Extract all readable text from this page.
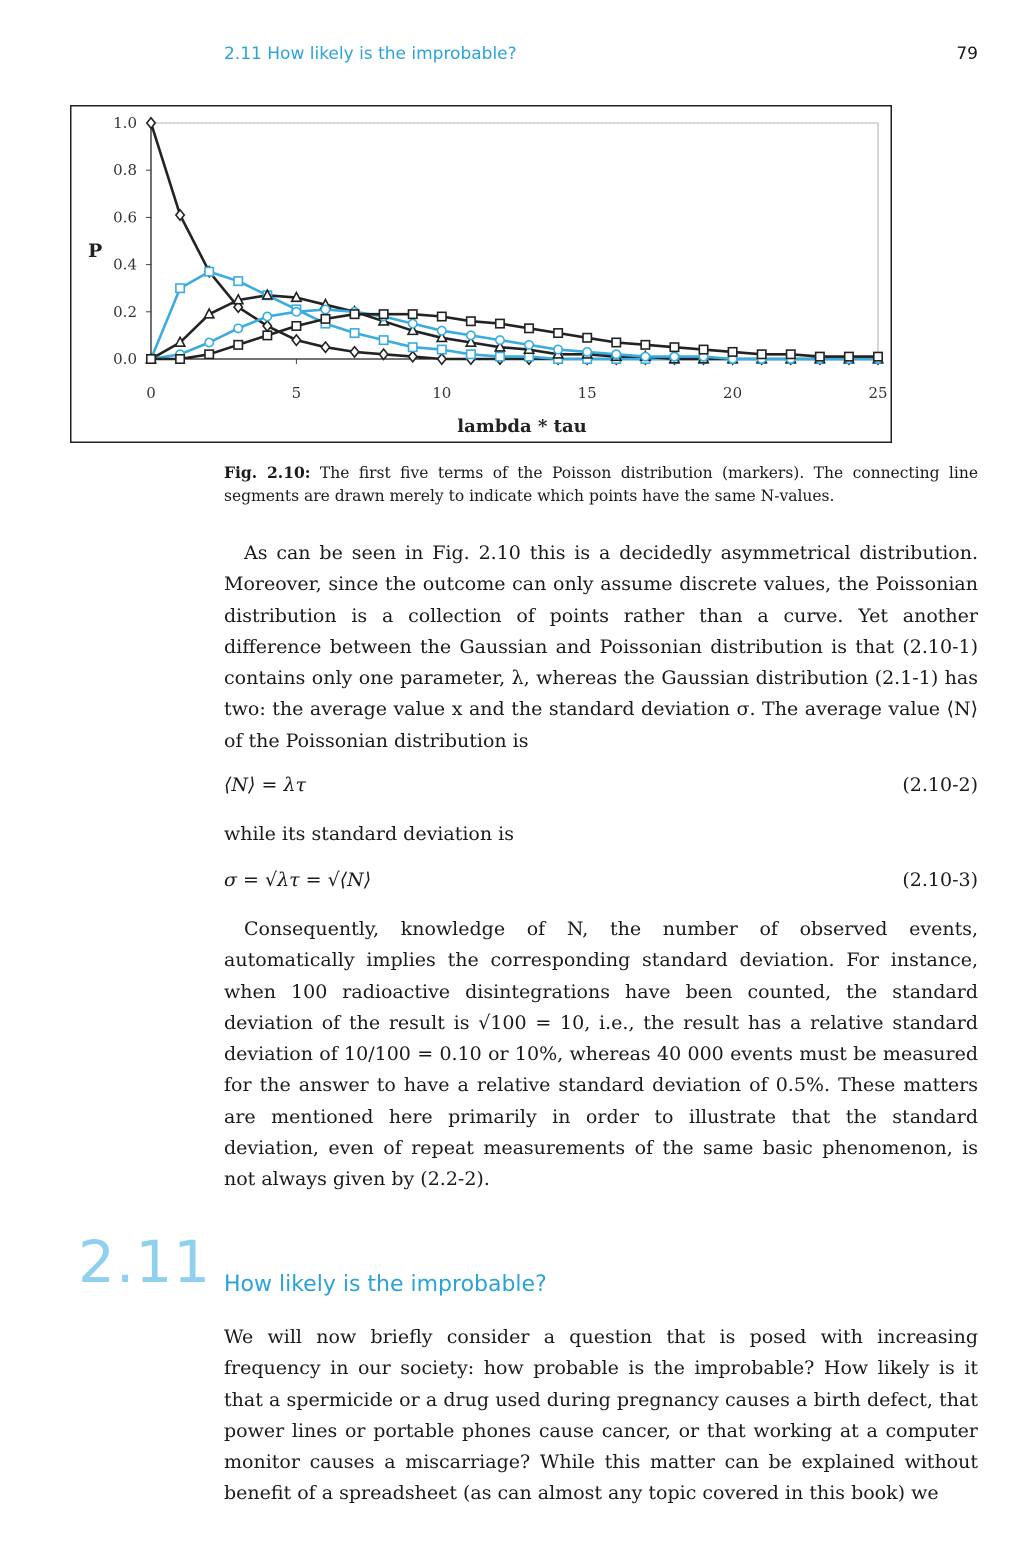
2.11 How likely is the improbable?	79
0.0
0.2
0.4
0.6
0.8
1.0
0	5	10	15	20	25
P
lambda * tau
Fig. 2.10: The first five terms of the Poisson distribution (markers). The connecting line segments are drawn merely to indicate which points have the same N-values.

As can be seen in Fig. 2.10 this is a decidedly asymmetrical distribution. Moreover, since the outcome can only assume discrete values, the Poissonian distribution is a collection of points rather than a curve. Yet another difference between the Gaussian and Poissonian distribution is that (2.10-1) contains only one parameter, λ, whereas the Gaussian distribution (2.1-1) has two: the average value x and the standard deviation σ. The average value ⟨N⟩ of the Poissonian distribution is

⟨N⟩ = λτ	(2.10-2)

while its standard deviation is

σ = √λτ = √⟨N⟩	(2.10-3)

Consequently, knowledge of N, the number of observed events, automatically implies the corresponding standard deviation. For instance, when 100 radioactive disintegrations have been counted, the standard deviation of the result is √100 = 10, i.e., the result has a relative standard deviation of 10/100 = 0.10 or 10%, whereas 40 000 events must be measured for the answer to have a relative standard deviation of 0.5%. These matters are mentioned here primarily in order to illustrate that the standard deviation, even of repeat measurements of the same basic phenomenon, is not always given by (2.2-2).

2.11 How likely is the improbable?

We will now briefly consider a question that is posed with increasing frequency in our society: how probable is the improbable? How likely is it that a spermicide or a drug used during pregnancy causes a birth defect, that power lines or portable phones cause cancer, or that working at a computer monitor causes a miscarriage? While this matter can be explained without benefit of a spreadsheet (as can almost any topic covered in this book) we
